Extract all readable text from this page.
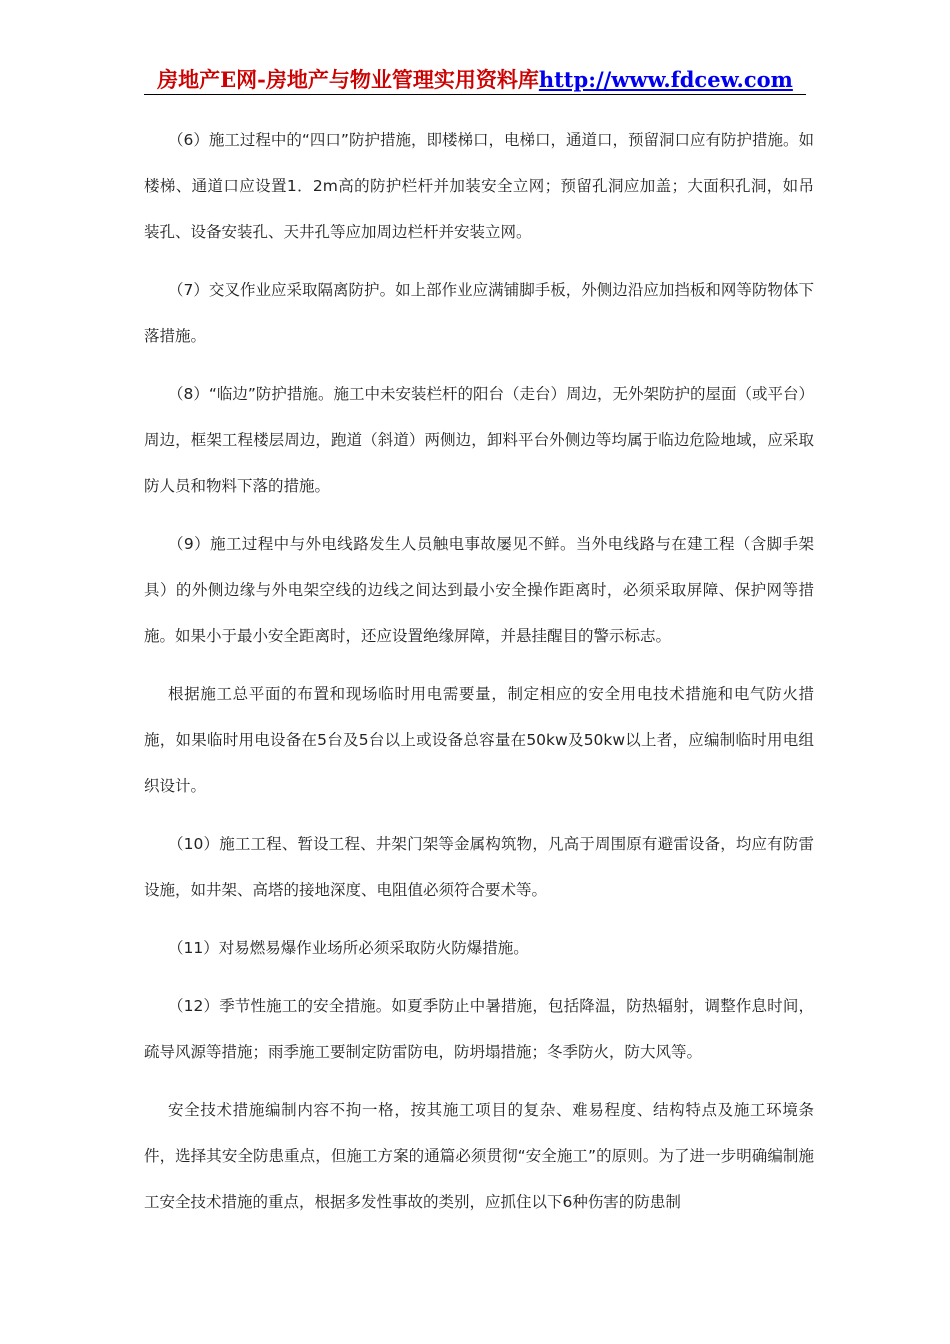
房地产E网-房地产与物业管理实用资料库http://www.fdcew.com

（6）施工过程中的“四口”防护措施，即楼梯口，电梯口，通道口，预留洞口应有防护措施。如楼梯、通道口应设置1．2m高的防护栏杆并加装安全立网；预留孔洞应加盖；大面积孔洞，如吊装孔、设备安装孔、天井孔等应加周边栏杆并安装立网。

（7）交叉作业应采取隔离防护。如上部作业应满铺脚手板，外侧边沿应加挡板和网等防物体下落措施。

（8）“临边”防护措施。施工中未安装栏杆的阳台（走台）周边，无外架防护的屋面（或平台）周边，框架工程楼层周边，跑道（斜道）两侧边，卸料平台外侧边等均属于临边危险地域，应采取防人员和物料下落的措施。

（9）施工过程中与外电线路发生人员触电事故屡见不鲜。当外电线路与在建工程（含脚手架具）的外侧边缘与外电架空线的边线之间达到最小安全操作距离时，必须采取屏障、保护网等措施。如果小于最小安全距离时，还应设置绝缘屏障，并悬挂醒目的警示标志。

根据施工总平面的布置和现场临时用电需要量，制定相应的安全用电技术措施和电气防火措施，如果临时用电设备在5台及5台以上或设备总容量在50kw及50kw以上者，应编制临时用电组织设计。

（10）施工工程、暂设工程、井架门架等金属构筑物，凡高于周围原有避雷设备，均应有防雷设施，如井架、高塔的接地深度、电阻值必须符合要术等。

（11）对易燃易爆作业场所必须采取防火防爆措施。

（12）季节性施工的安全措施。如夏季防止中暑措施，包括降温，防热辐射，调整作息时间，疏导风源等措施；雨季施工要制定防雷防电，防坍塌措施；冬季防火，防大风等。

安全技术措施编制内容不拘一格，按其施工项目的复杂、难易程度、结构特点及施工环境条件，选择其安全防患重点，但施工方案的通篇必须贯彻“安全施工”的原则。为了进一步明确编制施工安全技术措施的重点，根据多发性事故的类别，应抓住以下6种伤害的防患制
